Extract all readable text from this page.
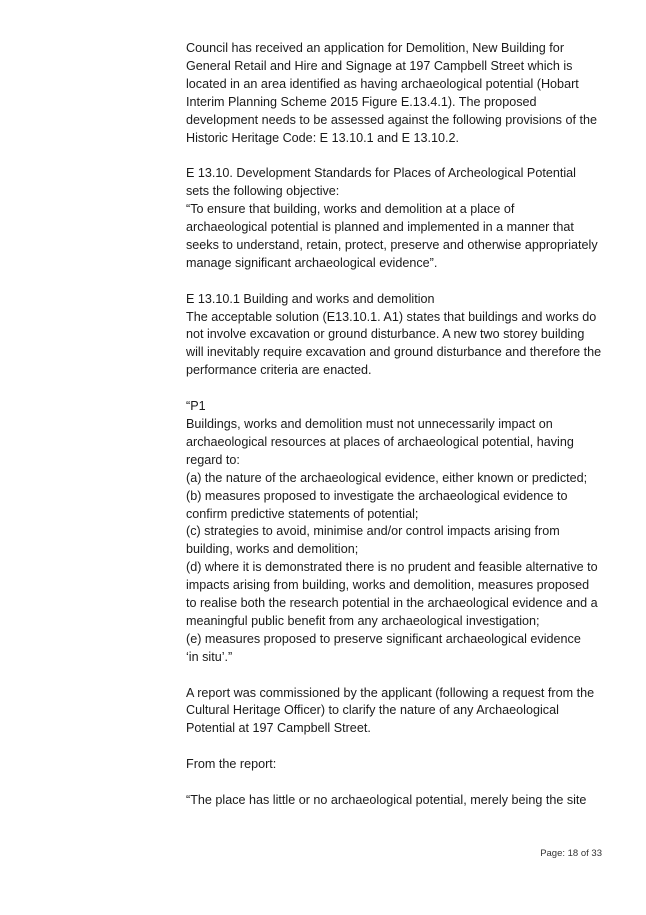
Council has received an application for Demolition, New Building for

General Retail and Hire and Signage at 197 Campbell Street which is

located in an area identified as having archaeological potential (Hobart

Interim Planning Scheme 2015 Figure E.13.4.1). The proposed

development needs to be assessed against the following provisions of the

Historic Heritage Code: E 13.10.1 and E 13.10.2.

E 13.10. Development Standards for Places of Archeological Potential

sets the following objective:

“To ensure that building, works and demolition at a place of

archaeological potential is planned and implemented in a manner that

seeks to understand, retain, protect, preserve and otherwise appropriately

manage significant archaeological evidence”.

E 13.10.1 Building and works and demolition

The acceptable solution (E13.10.1. A1) states that buildings and works do

not involve excavation or ground disturbance. A new two storey building

will inevitably require excavation and ground disturbance and therefore the

performance criteria are enacted.

“P1

Buildings, works and demolition must not unnecessarily impact on

archaeological resources at places of archaeological potential, having

regard to:

(a) the nature of the archaeological evidence, either known or predicted;

(b) measures proposed to investigate the archaeological evidence to

confirm predictive statements of potential;

(c) strategies to avoid, minimise and/or control impacts arising from

building, works and demolition;

(d) where it is demonstrated there is no prudent and feasible alternative to

impacts arising from building, works and demolition, measures proposed

to realise both the research potential in the archaeological evidence and a

meaningful public benefit from any archaeological investigation;

(e) measures proposed to preserve significant archaeological evidence

‘in situ’.”

A report was commissioned by the applicant (following a request from the

Cultural Heritage Officer) to clarify the nature of any Archaeological

Potential at 197 Campbell Street.

From the report:

“The place has little or no archaeological potential, merely being the site

Page: 18 of 33
